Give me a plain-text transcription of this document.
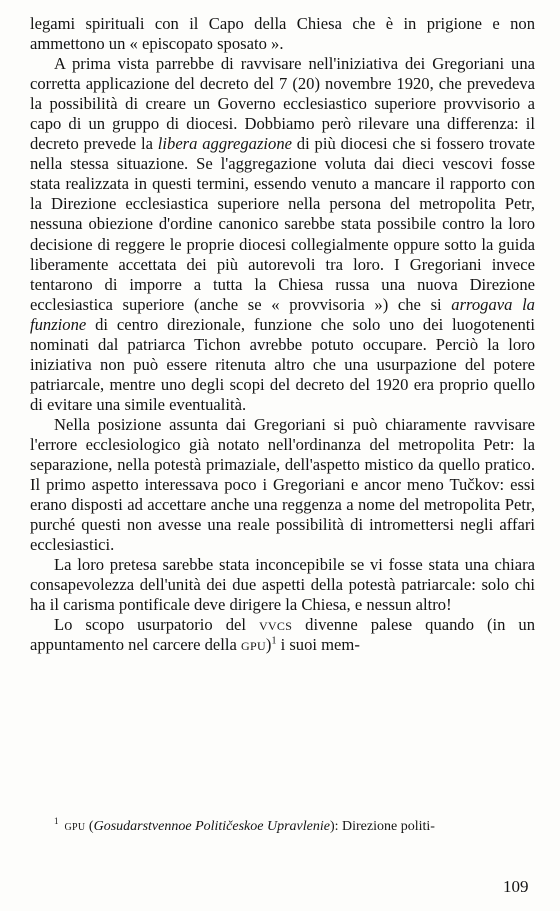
legami spirituali con il Capo della Chiesa che è in prigione e non ammettono un « episcopato sposato ».

A prima vista parrebbe di ravvisare nell'iniziativa dei Gregoriani una corretta applicazione del decreto del 7 (20) novembre 1920, che prevedeva la possibilità di creare un Governo ecclesiastico superiore provvisorio a capo di un gruppo di diocesi. Dobbiamo però rilevare una differenza: il decreto prevede la libera aggregazione di più diocesi che si fossero trovate nella stessa situazione. Se l'aggregazione voluta dai dieci vescovi fosse stata realizzata in questi termini, essendo venuto a mancare il rapporto con la Direzione ecclesiastica superiore nella persona del metropolita Petr, nessuna obiezione d'ordine canonico sarebbe stata possibile contro la loro decisione di reggere le proprie diocesi collegialmente oppure sotto la guida liberamente accettata dei più autorevoli tra loro. I Gregoriani invece tentarono di imporre a tutta la Chiesa russa una nuova Direzione ecclesiastica superiore (anche se « provvisoria ») che si arrogava la funzione di centro direzionale, funzione che solo uno dei luogotenenti nominati dal patriarca Tichon avrebbe potuto occupare. Perciò la loro iniziativa non può essere ritenuta altro che una usurpazione del potere patriarcale, mentre uno degli scopi del decreto del 1920 era proprio quello di evitare una simile eventualità.

Nella posizione assunta dai Gregoriani si può chiaramente ravvisare l'errore ecclesiologico già notato nell'ordinanza del metropolita Petr: la separazione, nella potestà primaziale, dell'aspetto mistico da quello pratico. Il primo aspetto interessava poco i Gregoriani e ancor meno Tučkov: essi erano disposti ad accettare anche una reggenza a nome del metropolita Petr, purché questi non avesse una reale possibilità di intromettersi negli affari ecclesiastici.

La loro pretesa sarebbe stata inconcepibile se vi fosse stata una chiara consapevolezza dell'unità dei due aspetti della potestà patriarcale: solo chi ha il carisma pontificale deve dirigere la Chiesa, e nessun altro!

Lo scopo usurpatorio del vvcs divenne palese quando (in un appuntamento nel carcere della gpu)$^1$ i suoi mem-

$^1$ gpu (Gosudarstvennoe Političeskoe Upravlenie): Direzione politi-
109
